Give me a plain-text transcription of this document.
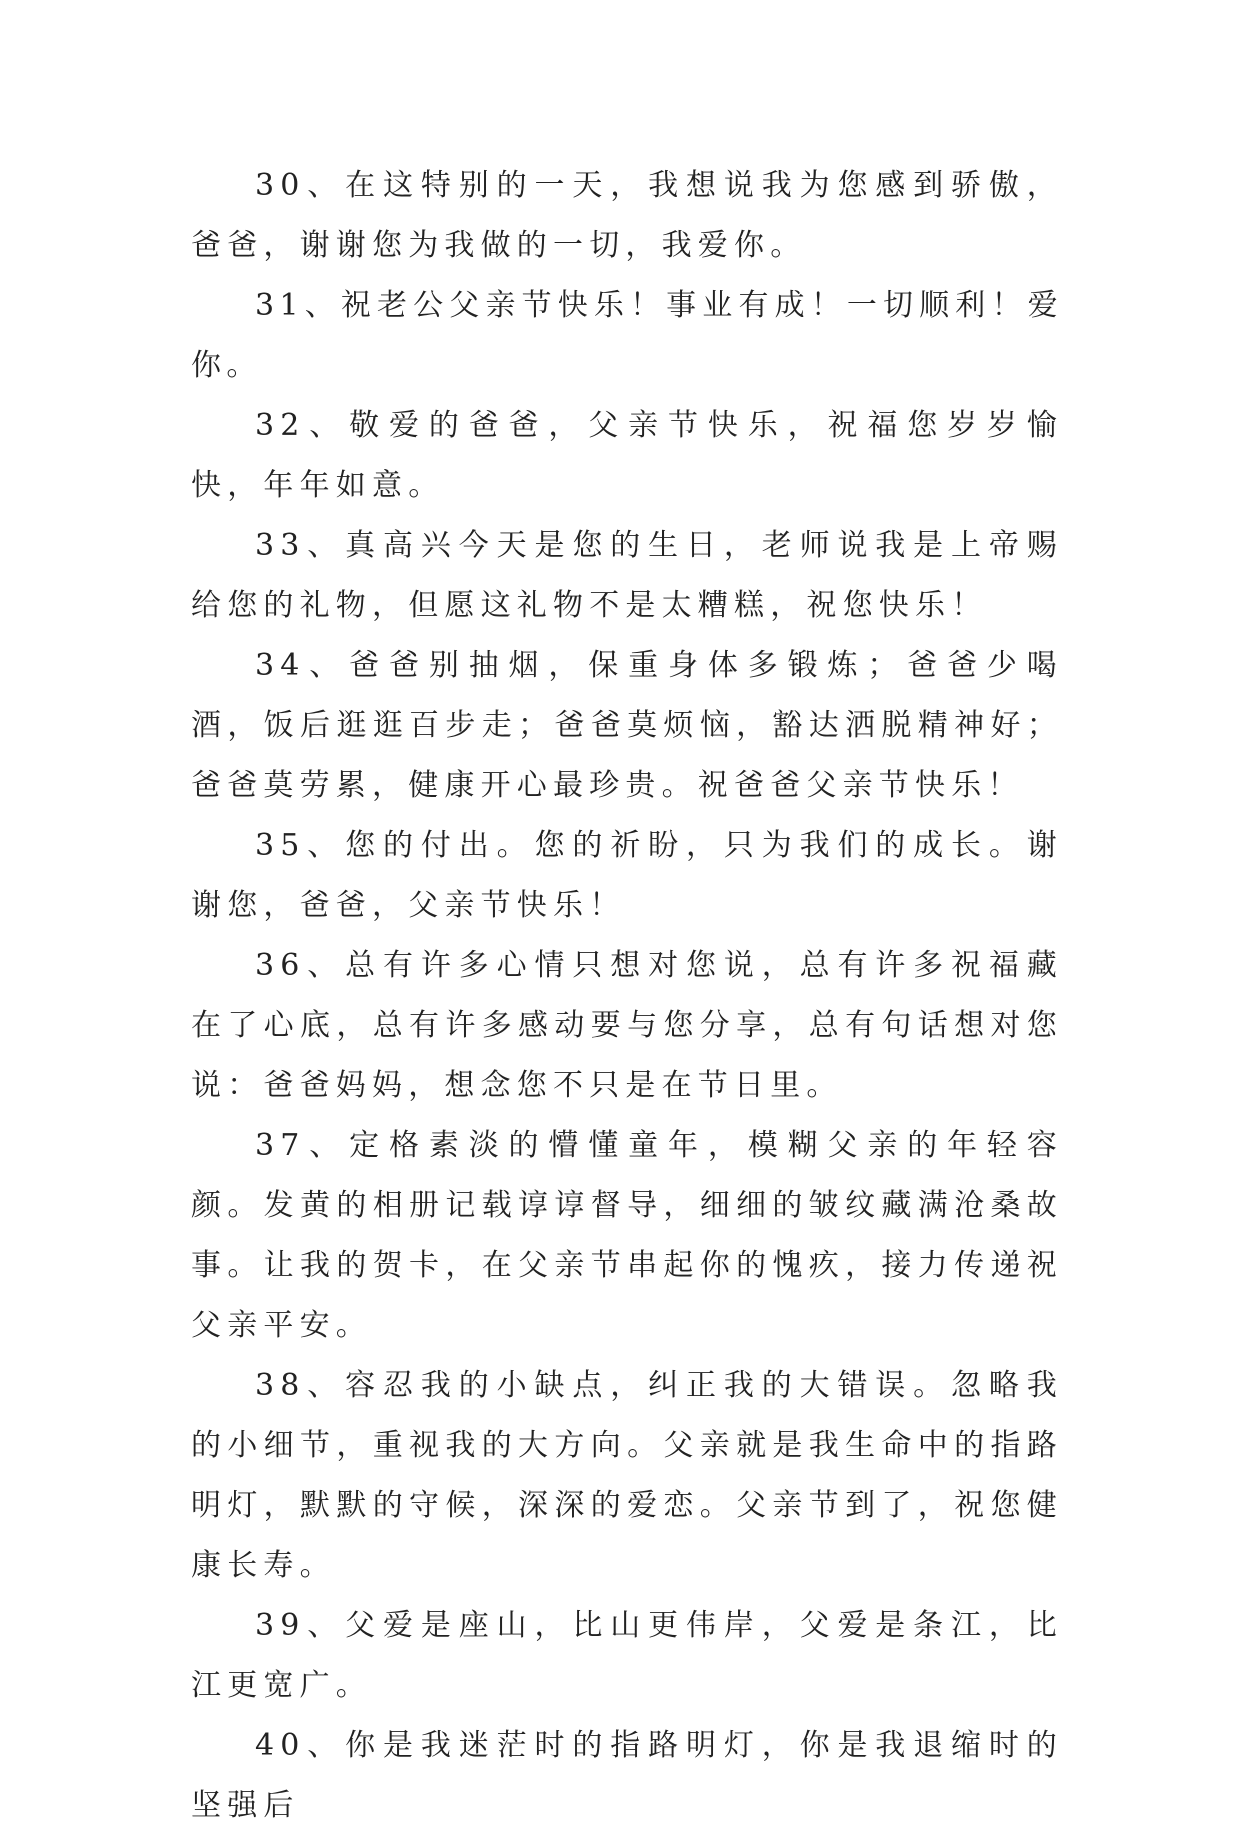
30、在这特别的一天，我想说我为您感到骄傲，爸爸，谢谢您为我做的一切，我爱你。

31、祝老公父亲节快乐！事业有成！一切顺利！爱你。

32、敬爱的爸爸，父亲节快乐，祝福您岁岁愉快，年年如意。

33、真高兴今天是您的生日，老师说我是上帝赐给您的礼物，但愿这礼物不是太糟糕，祝您快乐！

34、爸爸别抽烟，保重身体多锻炼；爸爸少喝酒，饭后逛逛百步走；爸爸莫烦恼，豁达洒脱精神好；爸爸莫劳累，健康开心最珍贵。祝爸爸父亲节快乐！

35、您的付出。您的祈盼，只为我们的成长。谢谢您，爸爸，父亲节快乐！

36、总有许多心情只想对您说，总有许多祝福藏在了心底，总有许多感动要与您分享，总有句话想对您说：爸爸妈妈，想念您不只是在节日里。

37、定格素淡的懵懂童年，模糊父亲的年轻容颜。发黄的相册记载谆谆督导，细细的皱纹藏满沧桑故事。让我的贺卡，在父亲节串起你的愧疚，接力传递祝父亲平安。

38、容忍我的小缺点，纠正我的大错误。忽略我的小细节，重视我的大方向。父亲就是我生命中的指路明灯，默默的守候，深深的爱恋。父亲节到了，祝您健康长寿。

39、父爱是座山，比山更伟岸，父爱是条江，比江更宽广。

40、你是我迷茫时的指路明灯，你是我退缩时的坚强后
